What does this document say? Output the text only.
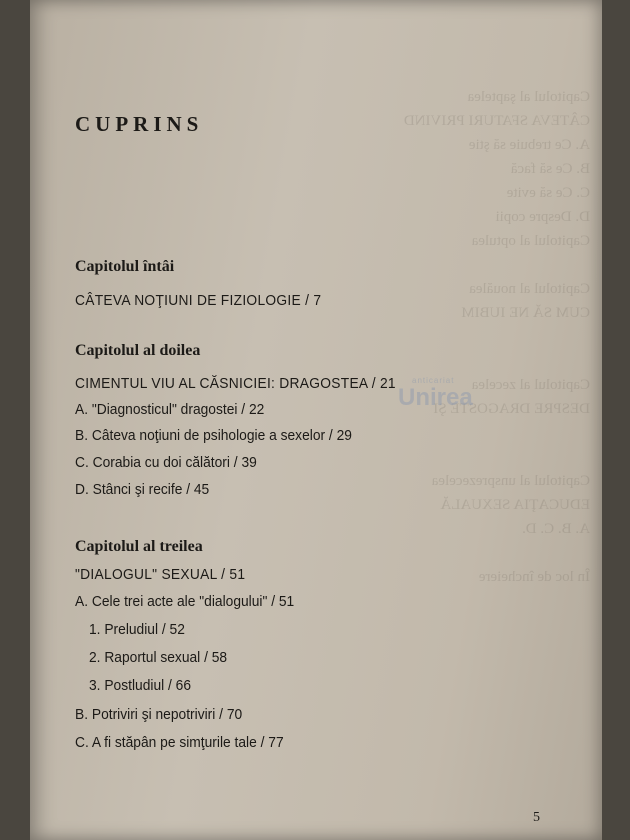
Capitolul al şaptelea
CÂTEVA SFATURI PRIVIND
A. Ce trebuie să ştie
B. Ce să facă
C. Ce să evite
D. Despre copii
Capitolul al optulea

Capitolul al nouălea
CUM SĂ NE IUBIM

Capitolul al zecelea
DESPRE DRAGOSTE ŞI

Capitolul al unsprezecelea
EDUCAŢIA SEXUALĂ
A. B. C. D.

În loc de încheiere
anticariat
Unirea
CUPRINS
Capitolul întâi
CÂTEVA NOŢIUNI DE FIZIOLOGIE / 7
Capitolul al doilea
CIMENTUL VIU AL CĂSNICIEI: DRAGOSTEA / 21
A. "Diagnosticul" dragostei / 22
B. Câteva noţiuni de psihologie a sexelor / 29
C. Corabia cu doi călători / 39
D. Stânci şi recife / 45
Capitolul al treilea
"DIALOGUL" SEXUAL / 51
A. Cele trei acte ale "dialogului" / 51
1. Preludiul / 52
2. Raportul sexual / 58
3. Postludiul / 66
B. Potriviri şi nepotriviri / 70
C. A fi stăpân pe simţurile tale / 77
5
